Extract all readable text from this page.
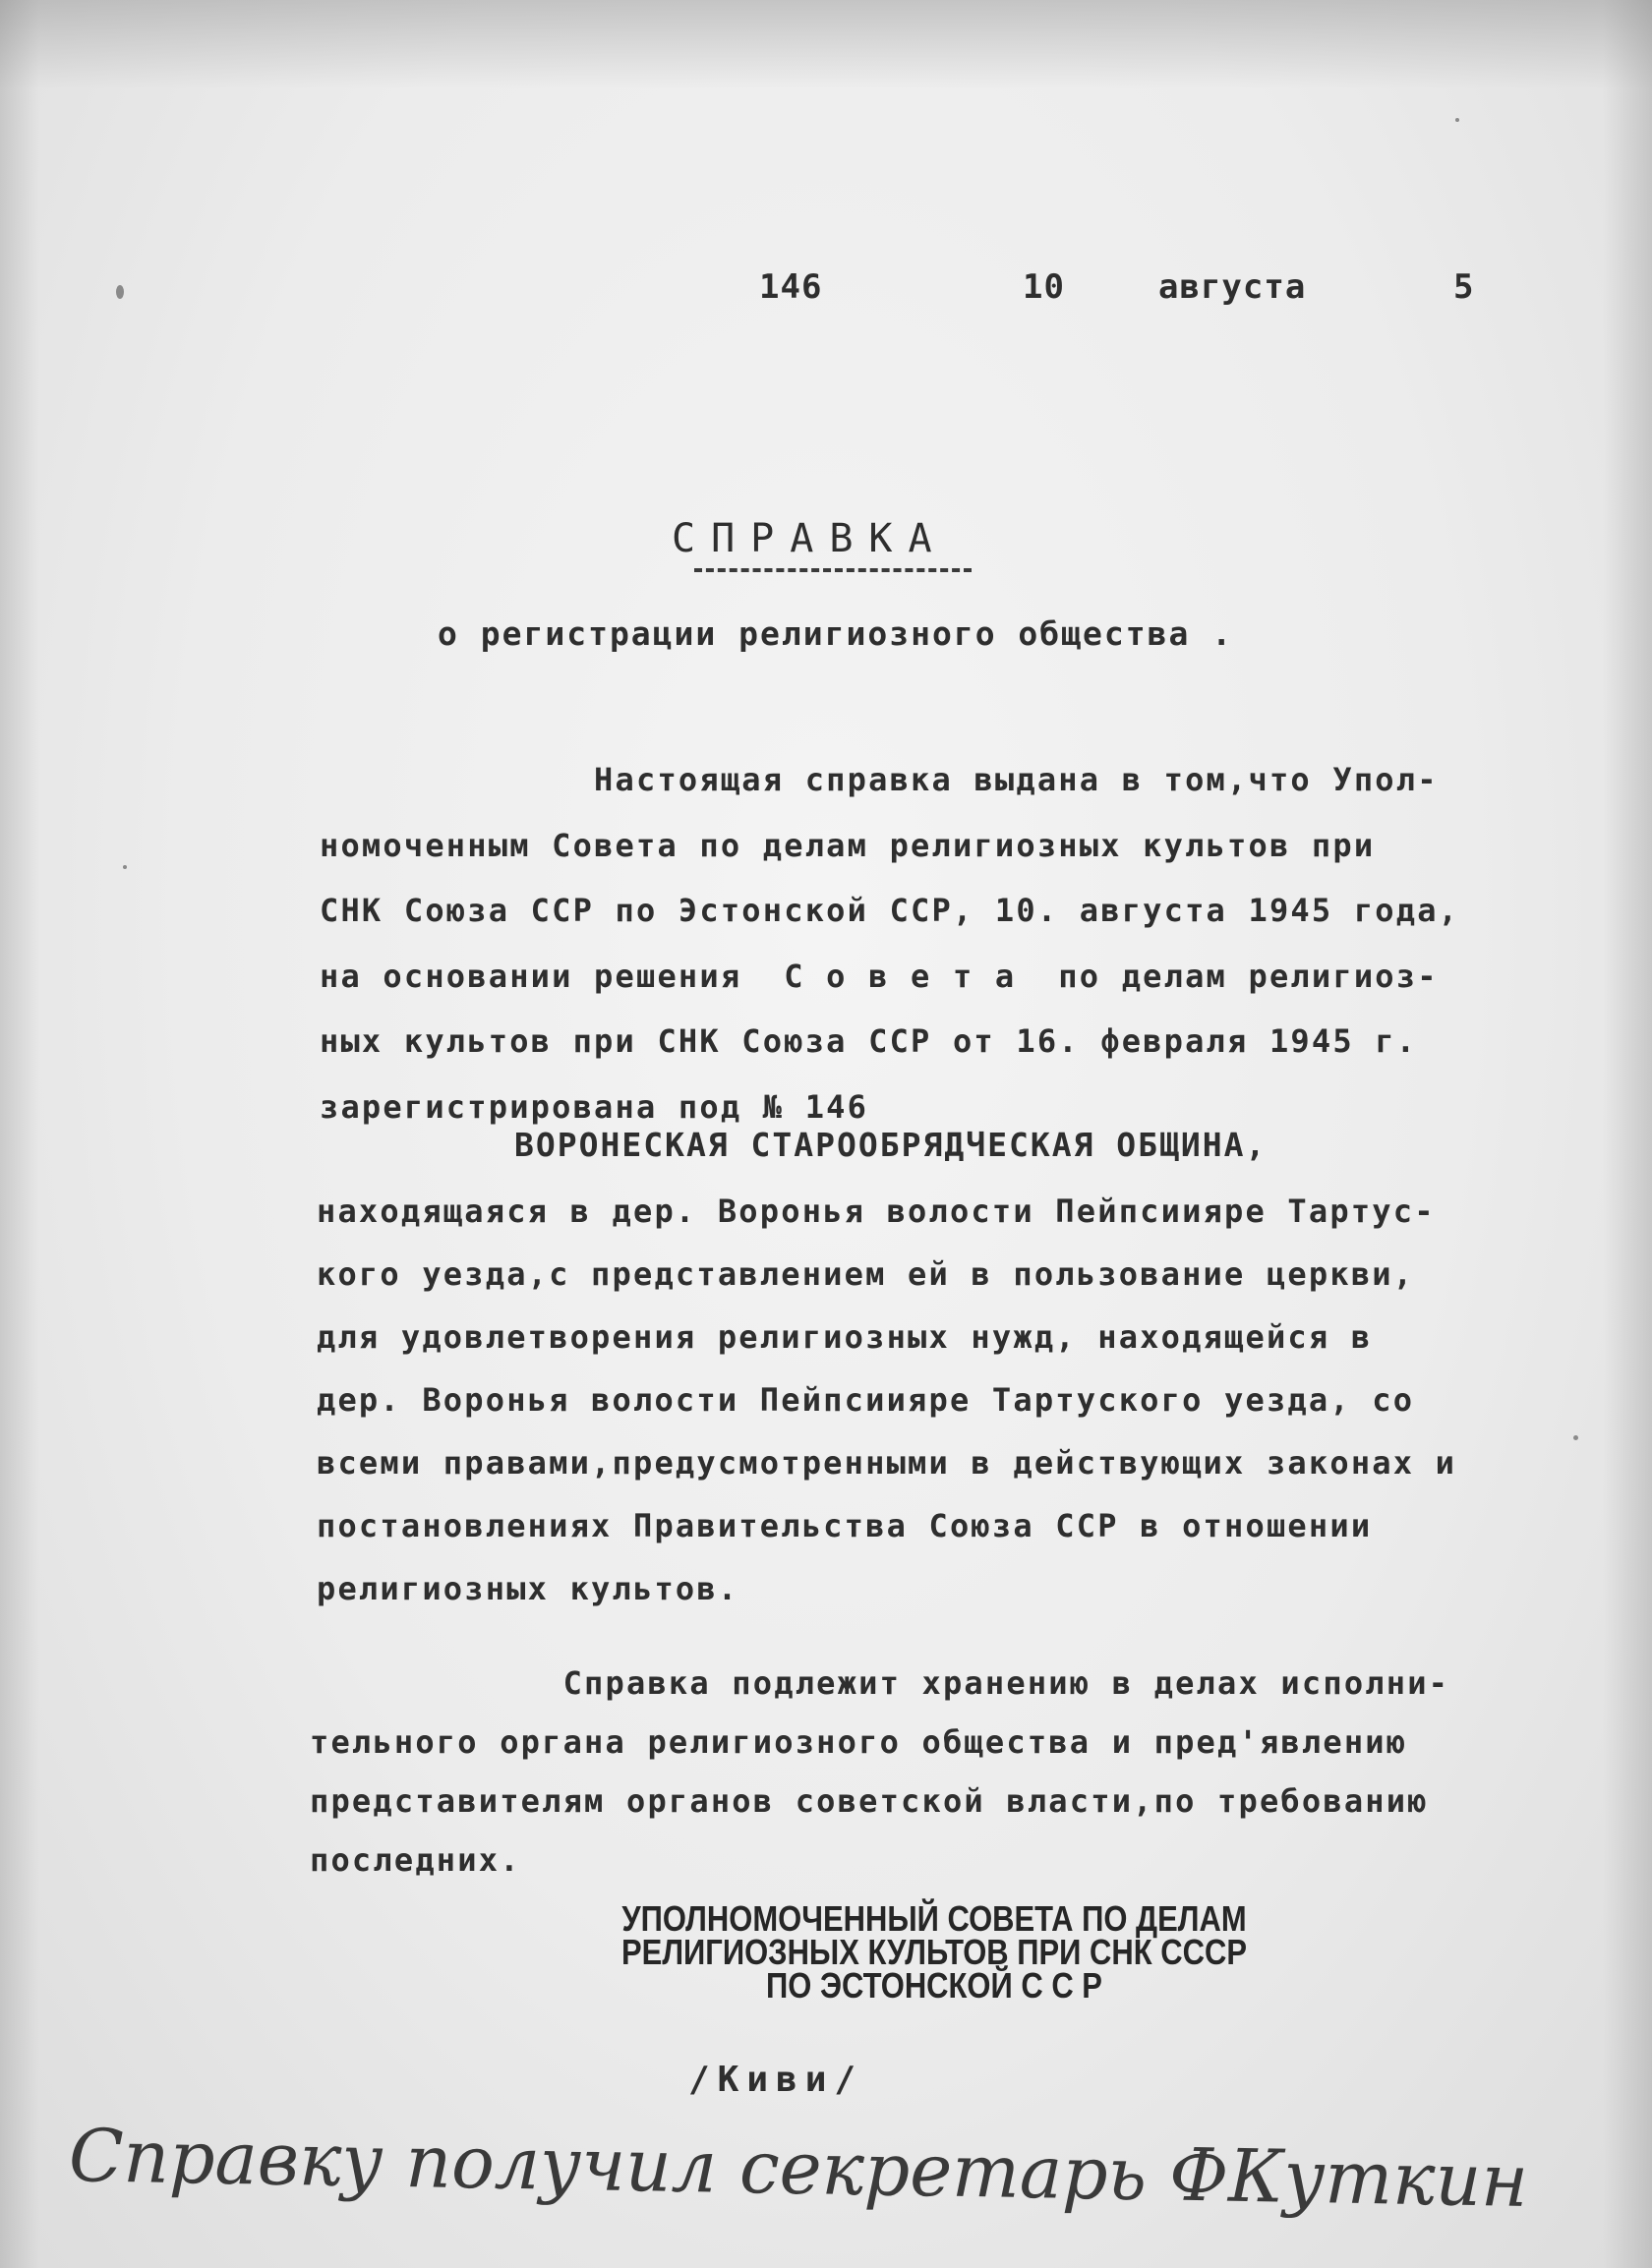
146	10	августа	5
СПРАВКА
о регистрации религиозного общества .

Настоящая справка выдана в том,что Упол-

номоченным Совета по делам религиозных культов при

СНК Союза ССР по Эстонской ССР, 10. августа 1945 года,

на основании решения  С о в е т а  по делам религиоз-

ных культов при СНК Союза ССР от 16. февраля 1945 г.

зарегистрирована под № 146

ВОРОНЕСКАЯ СТАРООБРЯДЧЕСКАЯ ОБЩИНА,

находящаяся в дер. Воронья волости Пейпсиияре Тартус-

кого уезда,с представлением ей в пользование церкви,

для удовлетворения религиозных нужд, находящейся в

дер. Воронья волости Пейпсиияре Тартуского уезда, со

всеми правами,предусмотренными в действующих законах и

постановлениях Правительства Союза ССР в отношении

религиозных культов.

Справка подлежит хранению в делах исполни-

тельного органа религиозного общества и пред'явлению

представителям органов советской власти,по требованию

последних.

УПОЛНОМОЧЕННЫЙ СОВЕТА ПО ДЕЛАМ

РЕЛИГИОЗНЫХ КУЛЬТОВ ПРИ СНК СССР

ПО ЭСТОНСКОЙ С С Р

/Киви/
Справку получил секретарь ФКуткин
